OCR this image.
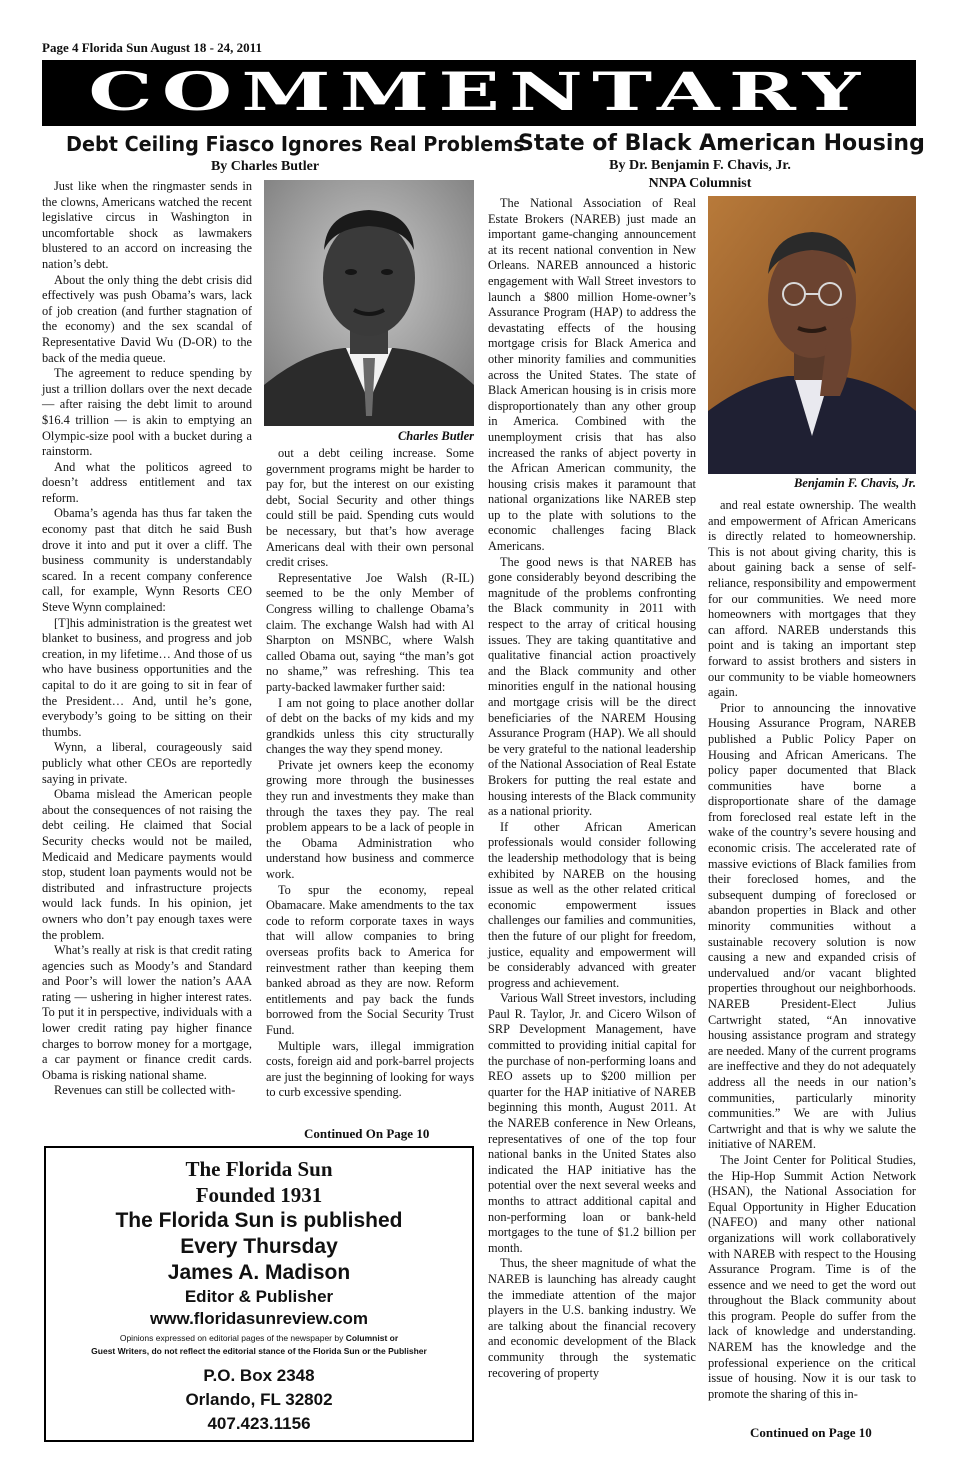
Page 4 Florida Sun August 18 - 24, 2011
COMMENTARY
Debt Ceiling Fiasco Ignores Real Problems
By Charles Butler

Just like when the ringmaster sends in the clowns, Americans watched the recent legislative circus in Washington in uncomfortable shock as lawmakers blustered to an accord on increasing the nation’s debt.

About the only thing the debt crisis did effectively was push Obama’s wars, lack of job creation (and further stagnation of the economy) and the sex scandal of Representative David Wu (D-OR) to the back of the media queue.

The agreement to reduce spending by just a trillion dollars over the next decade — after raising the debt limit to around $16.4 trillion — is akin to emptying an Olympic-size pool with a bucket during a rainstorm.

And what the politicos agreed to doesn’t address entitlement and tax reform.

Obama’s agenda has thus far taken the economy past that ditch he said Bush drove it into and put it over a cliff. The business community is understandably scared. In a recent company conference call, for example, Wynn Resorts CEO Steve Wynn complained:

[T]his administration is the greatest wet blanket to business, and progress and job creation, in my lifetime… And those of us who have business opportunities and the capital to do it are going to sit in fear of the President… And, until he’s gone, everybody’s going to be sitting on their thumbs.

Wynn, a liberal, courageously said publicly what other CEOs are reportedly saying in private.

Obama mislead the American people about the consequences of not raising the debt ceiling. He claimed that Social Security checks would not be mailed, Medicaid and Medicare payments would stop, student loan payments would not be distributed and infrastructure projects would lack funds. In his opinion, jet owners who don’t pay enough taxes were the problem.

What’s really at risk is that credit rating agencies such as Moody’s and Standard and Poor’s will lower the nation’s AAA rating — ushering in higher interest rates. To put it in perspective, individuals with a lower credit rating pay higher finance charges to borrow money for a mortgage, a car payment or finance credit cards. Obama is risking national shame.

Revenues can still be collected with-

Charles Butler

out a debt ceiling increase. Some government programs might be harder to pay for, but the interest on our existing debt, Social Security and other things could still be paid. Spending cuts would be necessary, but that’s how average Americans deal with their own personal credit crises.

Representative Joe Walsh (R-IL) seemed to be the only Member of Congress willing to challenge Obama’s claim. The exchange Walsh had with Al Sharpton on MSNBC, where Walsh called Obama out, saying “the man’s got no shame,” was refreshing. This tea party-backed lawmaker further said:

I am not going to place another dollar of debt on the backs of my kids and my grandkids unless this city structurally changes the way they spend money.

Private jet owners keep the economy growing more through the businesses they run and investments they make than through the taxes they pay. The real problem appears to be a lack of people in the Obama Administration who understand how business and commerce work.

To spur the economy, repeal Obamacare. Make amendments to the tax code to reform corporate taxes in ways that will allow companies to bring overseas profits back to America for reinvestment rather than keeping them banked abroad as they are now. Reform entitlements and pay back the funds borrowed from the Social Security Trust Fund.

Multiple wars, illegal immigration costs, foreign aid and pork-barrel projects are just the beginning of looking for ways to curb excessive spending.

Continued On Page 10
The Florida Sun
Founded 1931
The Florida Sun is published
Every Thursday
James A. Madison
Editor & Publisher
www.floridasunreview.com
Opinions expressed on editorial pages of the newspaper by Columnist or
Guest Writers, do not reflect the editorial stance of the Florida Sun or the Publisher
P.O. Box 2348
Orlando, FL 32802
407.423.1156
State of Black American Housing
By Dr. Benjamin F. Chavis, Jr.
NNPA Columnist

The National Association of Real Estate Brokers (NAREB) just made an important game-changing announcement at its recent national convention in New Orleans. NAREB announced a historic engagement with Wall Street investors to launch a $800 million Home-owner’s Assurance Program (HAP) to address the devastating effects of the housing mortgage crisis for Black America and other minority families and communities across the United States. The state of Black American housing is in crisis more disproportionately than any other group in America. Combined with the unemployment crisis that has also increased the ranks of abject poverty in the African American community, the housing crisis makes it paramount that national organizations like NAREB step up to the plate with solutions to the economic challenges facing Black Americans.

The good news is that NAREB has gone considerably beyond describing the magnitude of the problems confronting the Black community in 2011 with respect to the array of critical housing issues. They are taking quantitative and qualitative financial action proactively and the Black community and other minorities engulf in the national housing and mortgage crisis will be the direct beneficiaries of the NAREM Housing Assurance Program (HAP). We all should be very grateful to the national leadership of the National Association of Real Estate Brokers for putting the real estate and housing interests of the Black community as a national priority.

If other African American professionals would consider following the leadership methodology that is being exhibited by NAREB on the housing issue as well as the other related critical economic empowerment issues challenges our families and communities, then the future of our plight for freedom, justice, equality and empowerment will be considerably advanced with greater progress and achievement.

Various Wall Street investors, including Paul R. Taylor, Jr. and Cicero Wilson of SRP Development Management, have committed to providing initial capital for the purchase of non-performing loans and REO assets up to $200 million per quarter for the HAP initiative of NAREB beginning this month, August 2011. At the NAREB conference in New Orleans, representatives of one of the top four national banks in the United States also indicated the HAP initiative has the potential over the next several weeks and months to attract additional capital and non-performing loan or bank-held mortgages to the tune of $1.2 billion per month.

Thus, the sheer magnitude of what the NAREB is launching has already caught the immediate attention of the major players in the U.S. banking industry. We are talking about the financial recovery and economic development of the Black community through the systematic recovering of property

Benjamin F. Chavis, Jr.

and real estate ownership. The wealth and empowerment of African Americans is directly related to homeownership. This is not about giving charity, this is about gaining back a sense of self-reliance, responsibility and empowerment for our communities. We need more homeowners with mortgages that they can afford. NAREB understands this point and is taking an important step forward to assist brothers and sisters in our community to be viable homeowners again.

Prior to announcing the innovative Housing Assurance Program, NAREB published a Public Policy Paper on Housing and African Americans. The policy paper documented that Black communities have borne a disproportionate share of the damage from foreclosed real estate left in the wake of the country’s severe housing and economic crisis. The accelerated rate of massive evictions of Black families from their foreclosed homes, and the subsequent dumping of foreclosed or abandon properties in Black and other minority communities without a sustainable recovery solution is now causing a new and expanded crisis of undervalued and/or vacant blighted properties throughout our neighborhoods. NAREB President-Elect Julius Cartwright stated, “An innovative housing assistance program and strategy are needed. Many of the current programs are ineffective and they do not adequately address all the needs in our nation’s communities, particularly minority communities.” We are with Julius Cartwright and that is why we salute the initiative of NAREM.

The Joint Center for Political Studies, the Hip-Hop Summit Action Network (HSAN), the National Association for Equal Opportunity in Higher Education (NAFEO) and many other national organizations will work collaboratively with NAREB with respect to the Housing Assurance Program. Time is of the essence and we need to get the word out throughout the Black community about this program. People do suffer from the lack of knowledge and understanding. NAREM has the knowledge and the professional experience on the critical issue of housing. Now it is our task to promote the sharing of this in-

Continued on Page 10
